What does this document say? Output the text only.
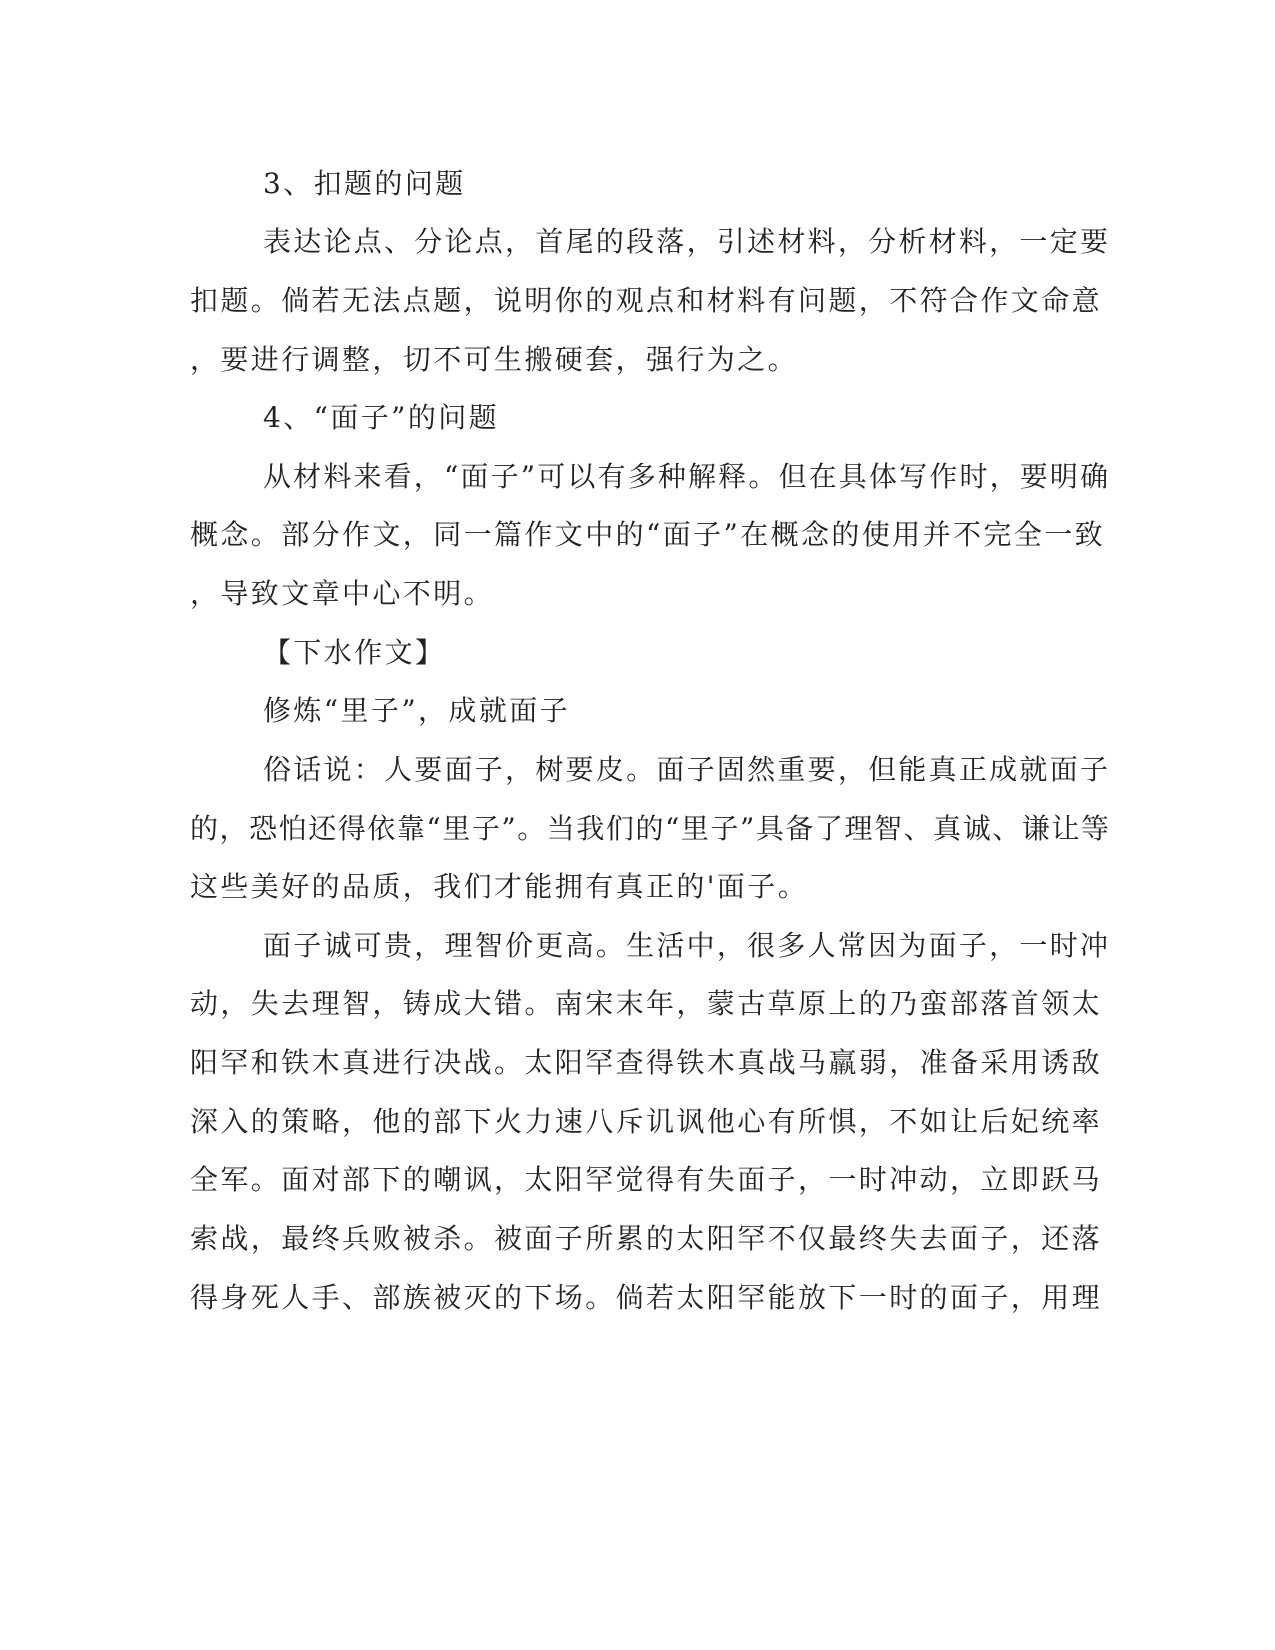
3、扣题的问题

表达论点、分论点，首尾的段落，引述材料，分析材料，一定要

扣题。倘若无法点题，说明你的观点和材料有问题，不符合作文命意

，要进行调整，切不可生搬硬套，强行为之。

4、“面子”的问题

从材料来看，“面子”可以有多种解释。但在具体写作时，要明确

概念。部分作文，同一篇作文中的“面子”在概念的使用并不完全一致

，导致文章中心不明。

【下水作文】

修炼“里子”，成就面子

俗话说：人要面子，树要皮。面子固然重要，但能真正成就面子

的，恐怕还得依靠“里子”。当我们的“里子”具备了理智、真诚、谦让等

这些美好的品质，我们才能拥有真正的'面子。

面子诚可贵，理智价更高。生活中，很多人常因为面子，一时冲

动，失去理智，铸成大错。南宋末年，蒙古草原上的乃蛮部落首领太

阳罕和铁木真进行决战。太阳罕查得铁木真战马羸弱，准备采用诱敌

深入的策略，他的部下火力速八斥讥讽他心有所惧，不如让后妃统率

全军。面对部下的嘲讽，太阳罕觉得有失面子，一时冲动，立即跃马

索战，最终兵败被杀。被面子所累的太阳罕不仅最终失去面子，还落

得身死人手、部族被灭的下场。倘若太阳罕能放下一时的面子，用理
